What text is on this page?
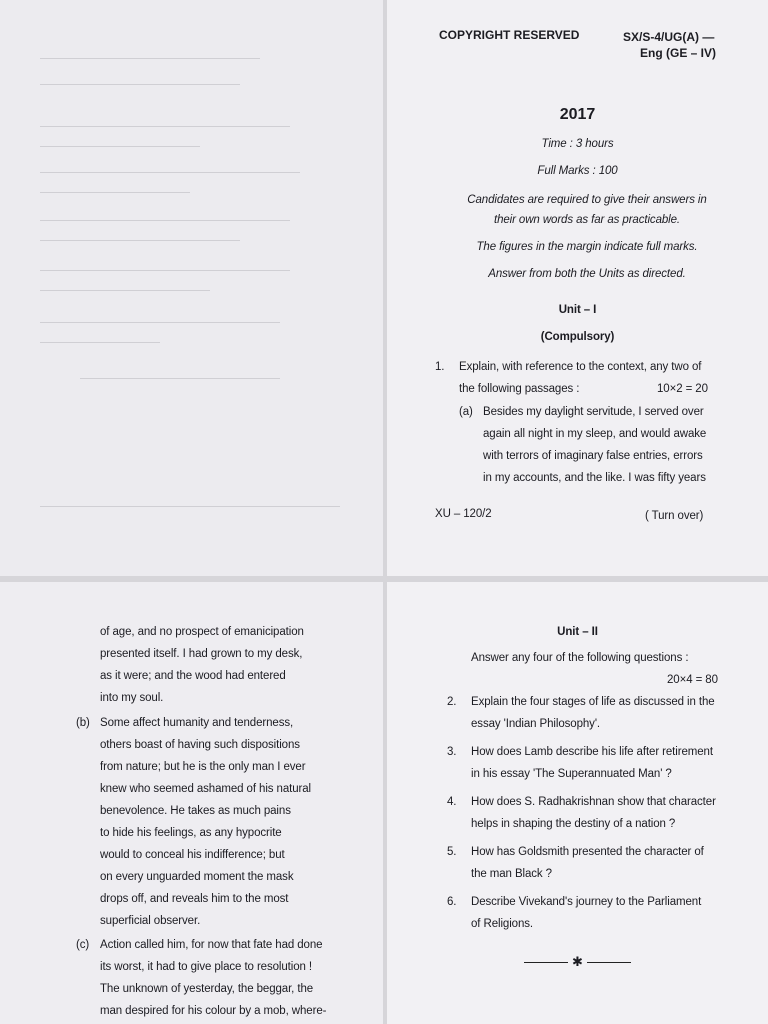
COPYRIGHT RESERVED	SX/S-4/UG(A) —
Eng (GE – IV)
2017
Time : 3 hours
Full Marks : 100
Candidates are required to give their answers in
their own words as far as practicable.
The figures in the margin indicate full marks.
Answer from both the Units as directed.
Unit – I
(Compulsory)
1. Explain, with reference to the context, any two of
the following passages :	10×2 = 20
(a) Besides my daylight servitude, I served over
again all night in my sleep, and would awake
with terrors of imaginary false entries, errors
in my accounts, and the like. I was fifty years
XU – 120/2	( Turn over)
of age, and no prospect of emanicipation
presented itself. I had grown to my desk,
as it were; and the wood had entered
into my soul.
(b) Some affect humanity and tenderness,
others boast of having such dispositions
from nature; but he is the only man I ever
knew who seemed ashamed of his natural
benevolence. He takes as much pains
to hide his feelings, as any hypocrite
would to conceal his indifference; but
on every unguarded moment the mask
drops off, and reveals him to the most
superficial observer.
(c) Action called him, for now that fate had done
its worst, it had to give place to resolution !
The unknown of yesterday, the beggar, the
man despired for his colour by a mob, where-
Unit – II
Answer any four of the following questions :
20×4 = 80
2. Explain the four stages of life as discussed in the
essay 'Indian Philosophy'.
3. How does Lamb describe his life after retirement
in his essay 'The Superannuated Man' ?
4. How does S. Radhakrishnan show that character
helps in shaping the destiny of a nation ?
5. How has Goldsmith presented the character of
the man Black ?
6. Describe Vivekand's journey to the Parliament
of Religions.
✱
